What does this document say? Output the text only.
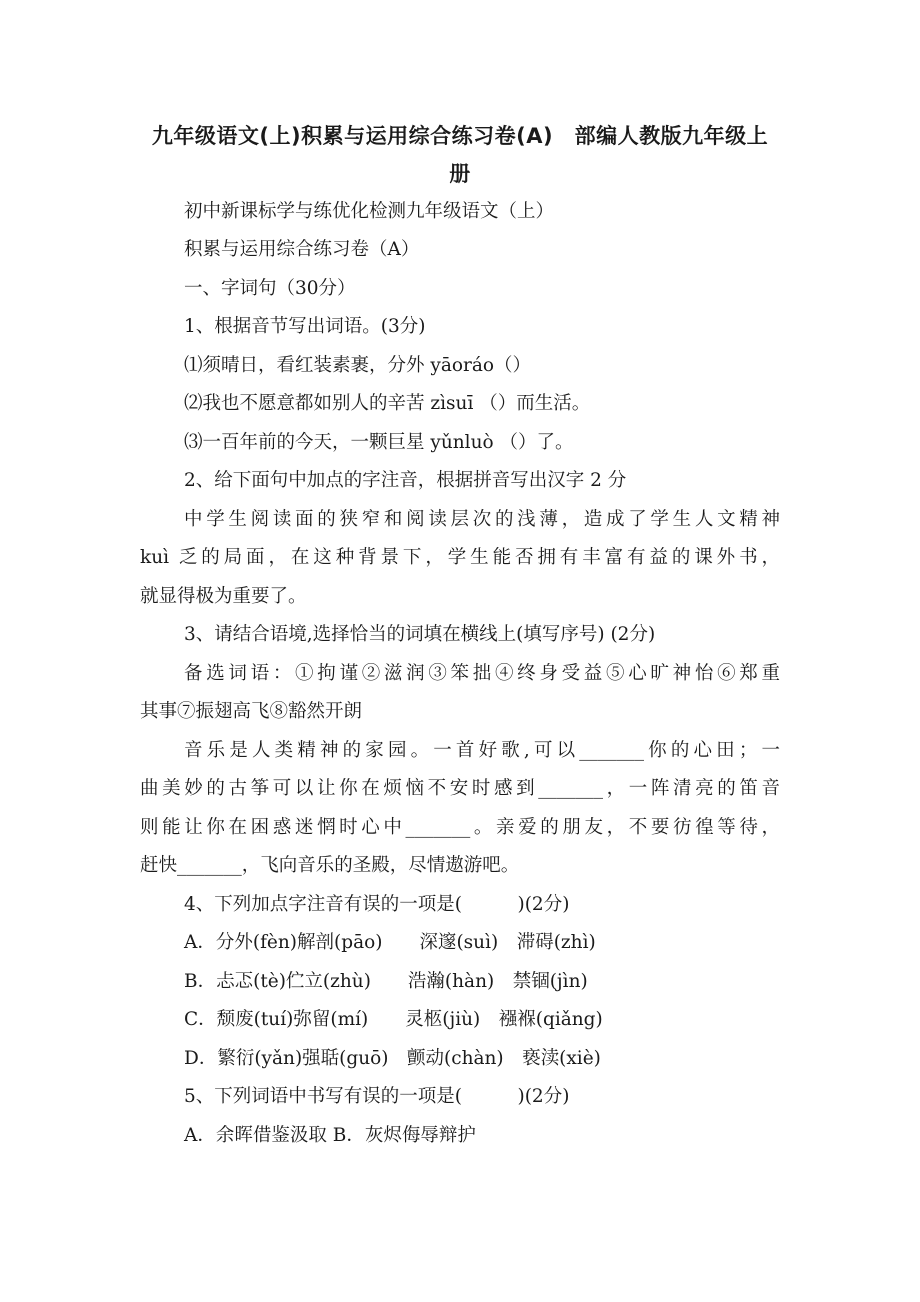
九年级语文(上)积累与运用综合练习卷(A)　部编人教版九年级上
册
初中新课标学与练优化检测九年级语文（上）
积累与运用综合练习卷（A）
一、字词句（30分）
1、根据音节写出词语。(3分)
⑴须晴日，看红装素裹，分外 yāoráo（）
⑵我也不愿意都如别人的辛苦 zìsuī （）而生活。
⑶一百年前的今天，一颗巨星 yǔnluò （）了。
2、给下面句中加点的字注音，根据拼音写出汉字 2 分
中学生阅读面的狭窄和阅读层次的浅薄，造成了学生人文精神
kuì 乏的局面，在这种背景下，学生能否拥有丰富有益的课外书，
就显得极为重要了。
3、请结合语境,选择恰当的词填在横线上(填写序号) (2分)
备选词语：①拘谨②滋润③笨拙④终身受益⑤心旷神怡⑥郑重
其事⑦振翅高飞⑧豁然开朗
音乐是人类精神的家园。一首好歌,可以_______你的心田；一
曲美妙的古筝可以让你在烦恼不安时感到_______，一阵清亮的笛音
则能让你在困惑迷惘时心中_______。亲爱的朋友，不要彷徨等待，
赶快_______，飞向音乐的圣殿，尽情遨游吧。
4、下列加点字注音有误的一项是(　　　)(2分)
A．分外(fèn)解剖(pāo)　　深邃(suì)　滞碍(zhì)
B．忐忑(tè)伫立(zhù)　　浩瀚(hàn)　禁锢(jìn)
C．颓废(tuí)弥留(mí)　　灵柩(jiù)　襁褓(qiǎng)
D．繁衍(yǎn)强聒(guō)　颤动(chàn)　亵渎(xiè)
5、下列词语中书写有误的一项是(　　　)(2分)
A．余晖借鉴汲取 B．灰烬侮辱辩护
